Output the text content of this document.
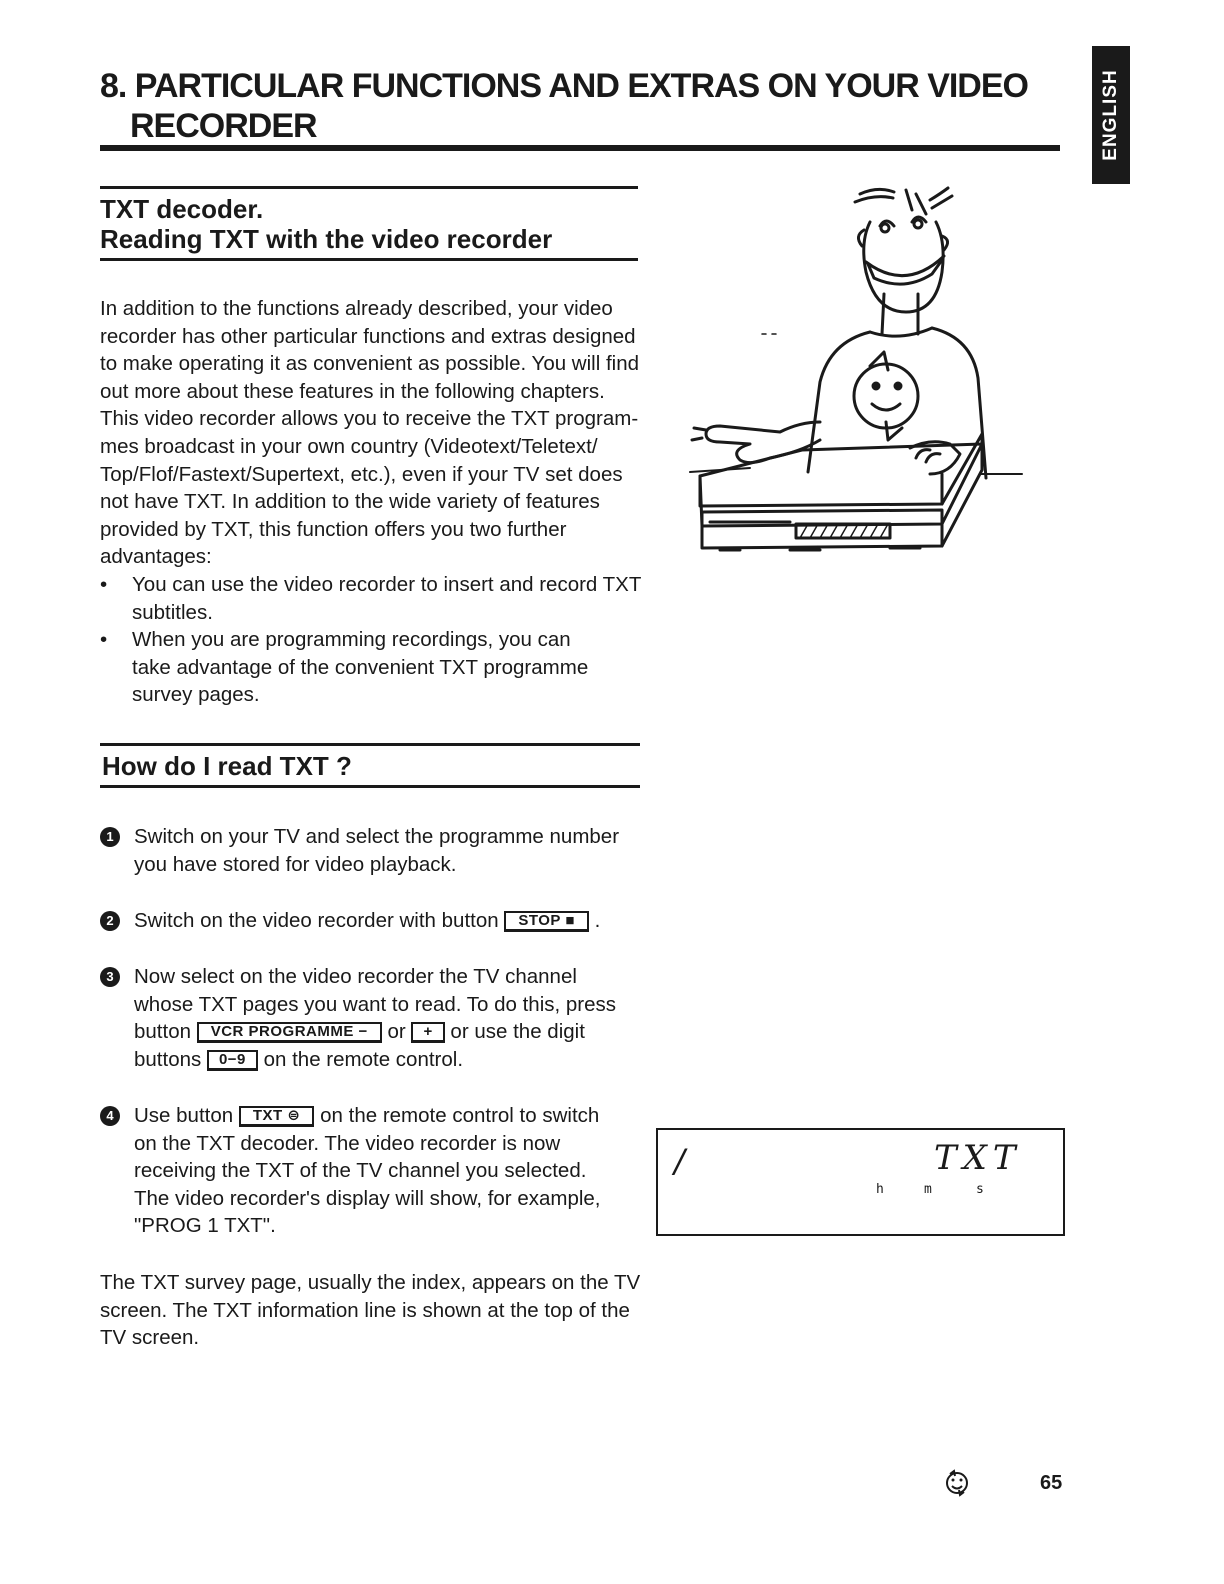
8. PARTICULAR FUNCTIONS AND EXTRAS ON YOUR VIDEO
RECORDER	ENGLISH
TXT decoder.
Reading TXT with the video recorder
In addition to the functions already described, your video
recorder has other particular functions and extras designed
to make operating it as convenient as possible. You will find
out more about these features in the following chapters.
This video recorder allows you to receive the TXT program-
mes broadcast in your own country (Videotext/Teletext/
Top/Flof/Fastext/Supertext, etc.), even if your TV set does
not have TXT. In addition to the wide variety of features
provided by TXT, this function offers you two further
advantages:
• You can use the video recorder to insert and record TXT subtitles.
• When you are programming recordings, you can take advantage of the convenient TXT programme survey pages.
How do I read TXT ?
1 Switch on your TV and select the programme number
you have stored for video playback.
2 Switch on the video recorder with button STOP ■ .
3 Now select on the video recorder the TV channel
whose TXT pages you want to read. To do this, press
button VCR PROGRAMME − or + or use the digit
buttons 0−9 on the remote control.
4 Use button TXT ⊜ on the remote control to switch
on the TXT decoder. The video recorder is now
receiving the TXT of the TV channel you selected.
The video recorder's display will show, for example,
"PROG 1 TXT".
The TXT survey page, usually the index, appears on the TV
screen. The TXT information line is shown at the top of the
TV screen.
/	TXT
h	m	s
65
